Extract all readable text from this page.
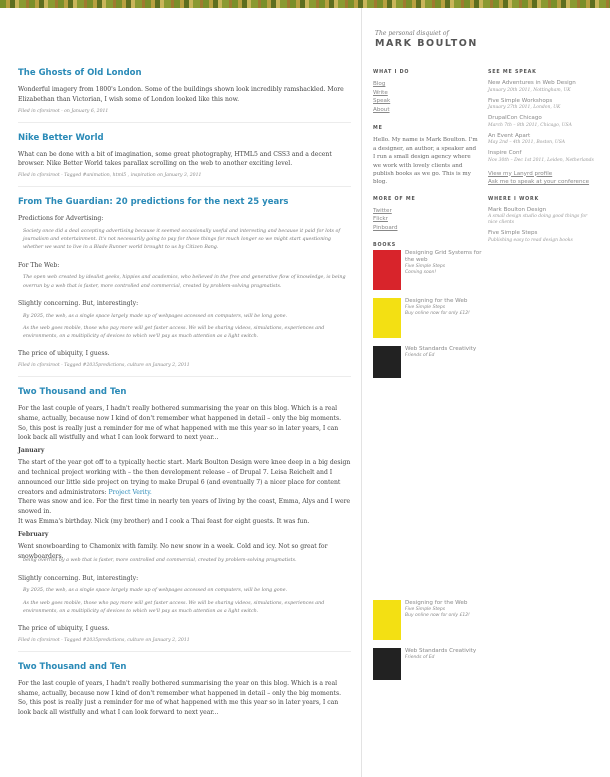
The personal disquiet of
MARK BOULTON
The Ghosts of Old London

Wonderful imagery from 1800's London. Some of the buildings shown look incredibly ramshackled. More Elizabethan than Victorian, I wish some of London looked like this now.

Filed in cforsiroot · on January 6, 2011

Nike Better World

What can be done with a bit of imagination, some great photography, HTML5 and CSS3 and a decent browser. Nike Better World takes parallax scrolling on the web to another exciting level.

Filed in cforsiroot · Tagged #animation, html5 , inspiration on January 3, 2011

From The Guardian: 20 predictions for the next 25 years

Predictions for Advertising:

Society once did a deal accepting advertising because it seemed occasionally useful and interesting and because it paid for lots of journalism and entertainment. It's not necessarily going to pay for those things for much longer so we might start questioning whether we want to live in a Blade Runner world brought to us by Citizen Bang.

For The Web:

The open web created by idealist geeks, hippies and academics, who believed in the free and generative flow of knowledge, is being overrun by a web that is faster, more controlled and commercial, created by problem-solving pragmatists.

Slightly concerning. But, interestingly:

By 2035, the web, as a single space largely made up of webpages accessed on computers, will be long gone.

As the web goes mobile, those who pay more will get faster access. We will be sharing videos, simulations, experiences and environments, on a multiplicity of devices to which we'll pay as much attention as a light switch.

The price of ubiquity, I guess.

Filed in cforsiroot · Tagged #2035predictions, culture on January 2, 2011

Two Thousand and Ten

For the last couple of years, I hadn't really bothered summarising the year on this blog. Which is a real shame, actually, because now I kind of don't remember what happened in detail – only the big moments. So, this post is really just a reminder for me of what happened with me this year so in later years, I can look back all wistfully and what I can look forward to next year...

January

The start of the year got off to a typically hectic start. Mark Boulton Design were knee deep in a big design and technical project working with – the then development release – of Drupal 7. Leisa Reichelt and I announced our little side project on trying to make Drupal 6 (and eventually 7) a nicer place for content creators and administrators: Project Verity.

There was snow and ice. For the first time in nearly ten years of living by the coast, Emma, Alys and I were snowed in.

It was Emma's birthday. Nick (my brother) and I cook a Thai feast for eight guests. It was fun.

February

Went snowboarding to Chamonix with family. No new snow in a week. Cold and icy. Not so great for snowboarders.

being overrun by a web that is faster, more controlled and commercial, created by problem-solving pragmatists.

Slightly concerning. But, interestingly:

By 2035, the web, as a single space largely made up of webpages accessed on computers, will be long gone.

As the web goes mobile, those who pay more will get faster access. We will be sharing videos, simulations, experiences and environments, on a multiplicity of devices to which we'll pay as much attention as a light switch.

The price of ubiquity, I guess.

Filed in cforsiroot · Tagged #2035predictions, culture on January 2, 2011

Two Thousand and Ten

For the last couple of years, I hadn't really bothered summarising the year on this blog. Which is a real shame, actually, because now I kind of don't remember what happened in detail – only the big moments. So, this post is really just a reminder for me of what happened with me this year so in later years, I can look back all wistfully and what I can look forward to next year...

WHAT I DO
Blog
Write
Speak
About
ME
Hello. My name is Mark Boulton. I'm a designer, an author, a speaker and I run a small design agency where we work with lovely clients and publish books as we go. This is my blog.
MORE OF ME
Twitter
Flickr
Pinboard
BOOKS
Designing Grid Systems for the web
Five Simple Steps
Coming soon!
Designing for the Web
Five Simple Steps
Buy online now for only £12!
Web Standards Creativity
Friends of Ed
Designing for the Web
Five Simple Steps
Buy online now for only £12!
Web Standards Creativity
Friends of Ed
SEE ME SPEAK
New Adventures in Web Design
January 20th 2011, Nottingham, UK
Five Simple Workshops
January 27th 2011, London, UK
DrupalCon Chicago
March 7th – 8th 2011, Chicago, USA
An Event Apart
May 2nd – 4th 2011, Boston, USA
Inspire Conf
Nov 30th – Dec 1st 2011, Leiden, Netherlands
View my Lanyrd profile
Ask me to speak at your conference
WHERE I WORK
Mark Boulton Design
A small design studio doing good things for nice clients
Five Simple Steps
Publishing easy to read design books
